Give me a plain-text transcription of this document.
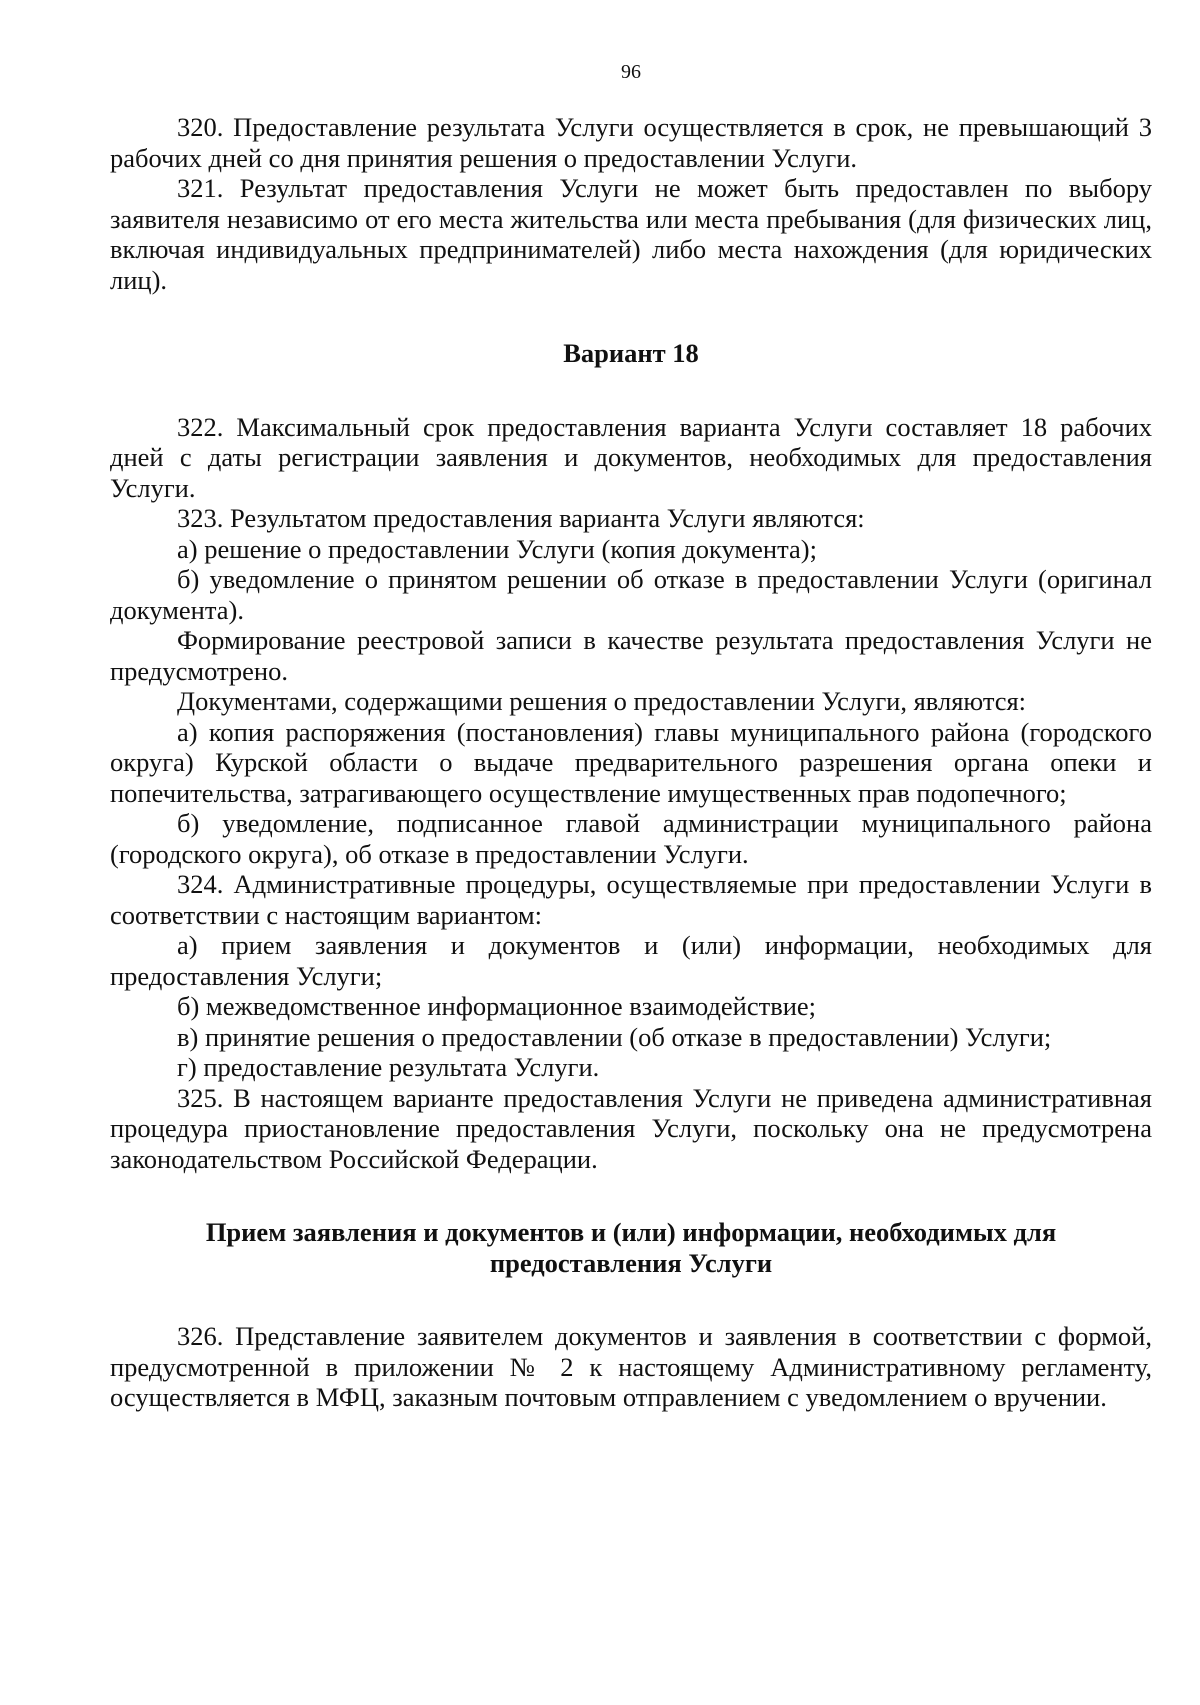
96

320. Предоставление результата Услуги осуществляется в срок, не превышающий 3 рабочих дней со дня принятия решения о предоставлении Услуги.

321. Результат предоставления Услуги не может быть предоставлен по выбору заявителя независимо от его места жительства или места пребывания (для физических лиц, включая индивидуальных предпринимателей) либо места нахождения (для юридических лиц).

Вариант 18

322. Максимальный срок предоставления варианта Услуги составляет 18 рабочих дней с даты регистрации заявления и документов, необходимых для предоставления Услуги.

323. Результатом предоставления варианта Услуги являются:

а) решение о предоставлении Услуги (копия документа);

б) уведомление о принятом решении об отказе в предоставлении Услуги (оригинал документа).

Формирование реестровой записи в качестве результата предоставления Услуги не предусмотрено.

Документами, содержащими решения о предоставлении Услуги, являются:

а) копия распоряжения (постановления) главы муниципального района (городского округа) Курской области о выдаче предварительного разрешения органа опеки и попечительства, затрагивающего осуществление имущественных прав подопечного;

б) уведомление, подписанное главой администрации муниципального района (городского округа), об отказе в предоставлении Услуги.

324. Административные процедуры, осуществляемые при предоставлении Услуги в соответствии с настоящим вариантом:

а) прием заявления и документов и (или) информации, необходимых для предоставления Услуги;

б) межведомственное информационное взаимодействие;

в) принятие решения о предоставлении (об отказе в предоставлении) Услуги;

г) предоставление результата Услуги.

325. В настоящем варианте предоставления Услуги не приведена административная процедура приостановление предоставления Услуги, поскольку она не предусмотрена законодательством Российской Федерации.

Прием заявления и документов и (или) информации, необходимых для

предоставления Услуги

326. Представление заявителем документов и заявления в соответствии с формой, предусмотренной в приложении № 2 к настоящему Административному регламенту, осуществляется в МФЦ, заказным почтовым отправлением с уведомлением о вручении.
